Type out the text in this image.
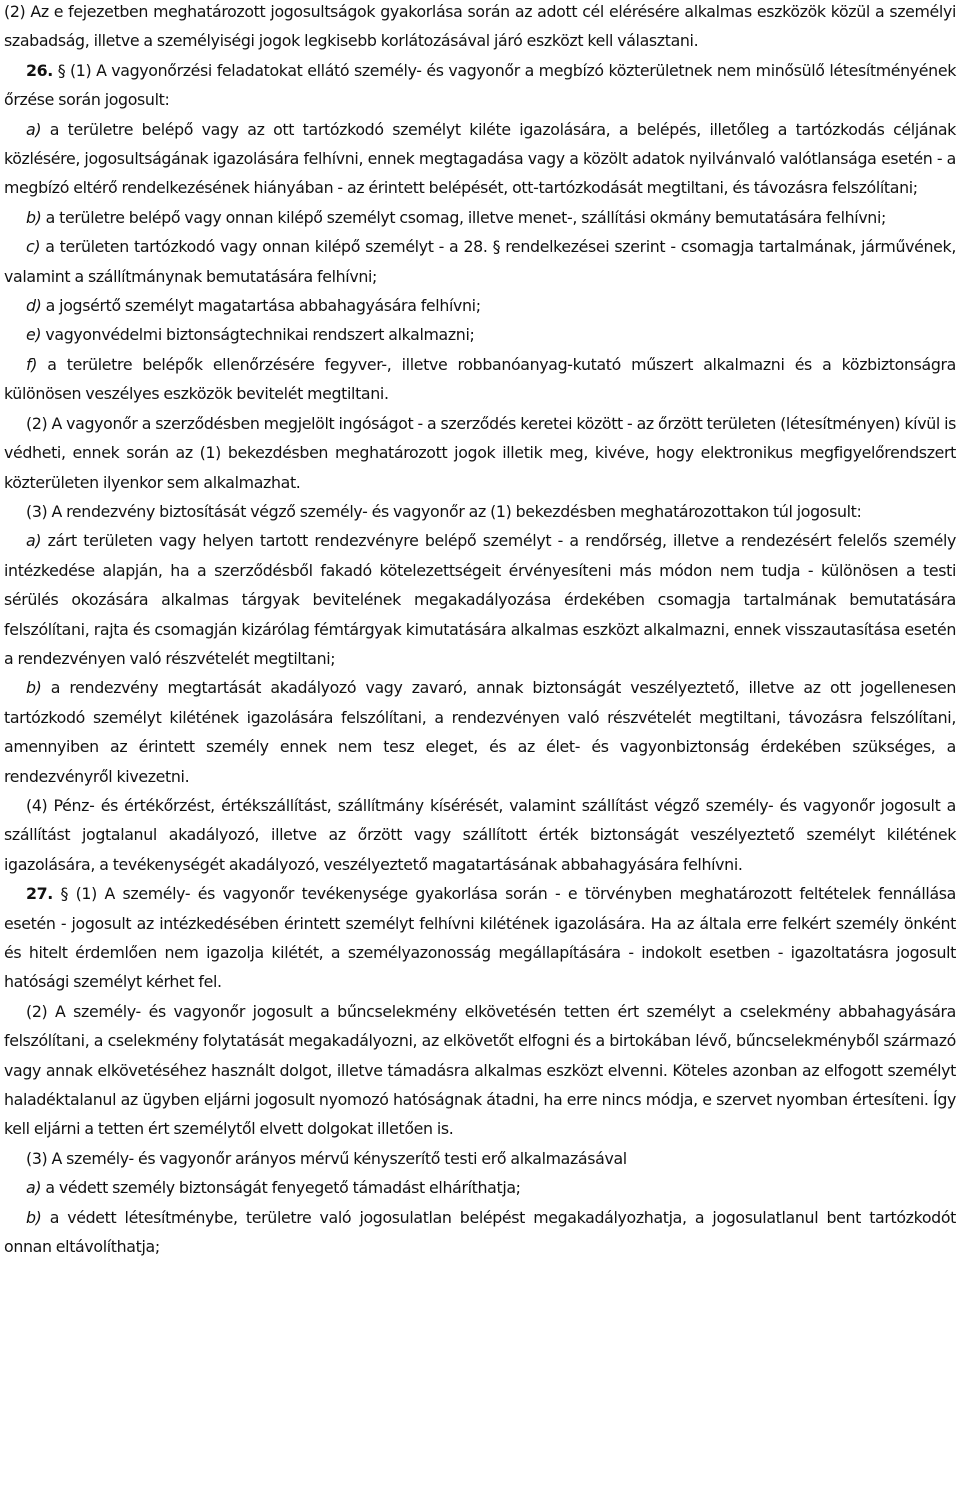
(2) Az e fejezetben meghatározott jogosultságok gyakorlása során az adott cél elérésére alkalmas eszközök közül a személyi szabadság, illetve a személyiségi jogok legkisebb korlátozásával járó eszközt kell választani.

26. § (1) A vagyonőrzési feladatokat ellátó személy- és vagyonőr a megbízó közterületnek nem minősülő létesítményének őrzése során jogosult:

a) a területre belépő vagy az ott tartózkodó személyt kiléte igazolására, a belépés, illetőleg a tartózkodás céljának közlésére, jogosultságának igazolására felhívni, ennek megtagadása vagy a közölt adatok nyilvánvaló valótlansága esetén - a megbízó eltérő rendelkezésének hiányában - az érintett belépését, ott-tartózkodását megtiltani, és távozásra felszólítani;

b) a területre belépő vagy onnan kilépő személyt csomag, illetve menet-, szállítási okmány bemutatására felhívni;

c) a területen tartózkodó vagy onnan kilépő személyt - a 28. § rendelkezései szerint - csomagja tartalmának, járművének, valamint a szállítmánynak bemutatására felhívni;

d) a jogsértő személyt magatartása abbahagyására felhívni;

e) vagyonvédelmi biztonságtechnikai rendszert alkalmazni;

f) a területre belépők ellenőrzésére fegyver-, illetve robbanóanyag-kutató műszert alkalmazni és a közbiztonságra különösen veszélyes eszközök bevitelét megtiltani.

(2) A vagyonőr a szerződésben megjelölt ingóságot - a szerződés keretei között - az őrzött területen (létesítményen) kívül is védheti, ennek során az (1) bekezdésben meghatározott jogok illetik meg, kivéve, hogy elektronikus megfigyelőrendszert közterületen ilyenkor sem alkalmazhat.

(3) A rendezvény biztosítását végző személy- és vagyonőr az (1) bekezdésben meghatározottakon túl jogosult:

a) zárt területen vagy helyen tartott rendezvényre belépő személyt - a rendőrség, illetve a rendezésért felelős személy intézkedése alapján, ha a szerződésből fakadó kötelezettségeit érvényesíteni más módon nem tudja - különösen a testi sérülés okozására alkalmas tárgyak bevitelének megakadályozása érdekében csomagja tartalmának bemutatására felszólítani, rajta és csomagján kizárólag fémtárgyak kimutatására alkalmas eszközt alkalmazni, ennek visszautasítása esetén a rendezvényen való részvételét megtiltani;

b) a rendezvény megtartását akadályozó vagy zavaró, annak biztonságát veszélyeztető, illetve az ott jogellenesen tartózkodó személyt kilétének igazolására felszólítani, a rendezvényen való részvételét megtiltani, távozásra felszólítani, amennyiben az érintett személy ennek nem tesz eleget, és az élet- és vagyonbiztonság érdekében szükséges, a rendezvényről kivezetni.

(4) Pénz- és értékőrzést, értékszállítást, szállítmány kísérését, valamint szállítást végző személy- és vagyonőr jogosult a szállítást jogtalanul akadályozó, illetve az őrzött vagy szállított érték biztonságát veszélyeztető személyt kilétének igazolására, a tevékenységét akadályozó, veszélyeztető magatartásának abbahagyására felhívni.

27. § (1) A személy- és vagyonőr tevékenysége gyakorlása során - e törvényben meghatározott feltételek fennállása esetén - jogosult az intézkedésében érintett személyt felhívni kilétének igazolására. Ha az általa erre felkért személy önként és hitelt érdemlően nem igazolja kilétét, a személyazonosság megállapítására - indokolt esetben - igazoltatásra jogosult hatósági személyt kérhet fel.

(2) A személy- és vagyonőr jogosult a bűncselekmény elkövetésén tetten ért személyt a cselekmény abbahagyására felszólítani, a cselekmény folytatását megakadályozni, az elkövetőt elfogni és a birtokában lévő, bűncselekményből származó vagy annak elkövetéséhez használt dolgot, illetve támadásra alkalmas eszközt elvenni. Köteles azonban az elfogott személyt haladéktalanul az ügyben eljárni jogosult nyomozó hatóságnak átadni, ha erre nincs módja, e szervet nyomban értesíteni. Így kell eljárni a tetten ért személytől elvett dolgokat illetően is.

(3) A személy- és vagyonőr arányos mérvű kényszerítő testi erő alkalmazásával

a) a védett személy biztonságát fenyegető támadást elháríthatja;

b) a védett létesítménybe, területre való jogosulatlan belépést megakadályozhatja, a jogosulatlanul bent tartózkodót onnan eltávolíthatja;
